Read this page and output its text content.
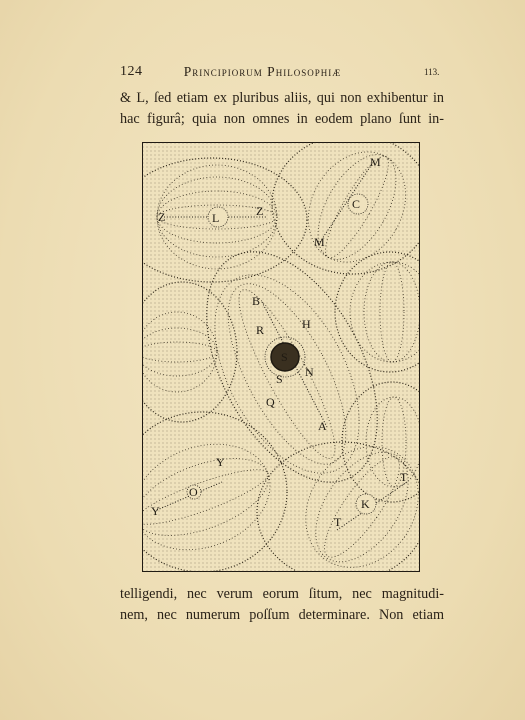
124	Principiorum Philosophiæ	113.
& L, ſed etiam ex pluribus aliis, qui non exhibentur in
hac figurâ; quia non omnes in eodem plano ſunt in-
Z	L	Z
M
C
M
B
R	H
S
N
S
Q
A
Y
O
Y	K
T
T
telligendi, nec verum eorum ſitum, nec magnitudi-
nem, nec numerum poſſum determinare. Non etiam
